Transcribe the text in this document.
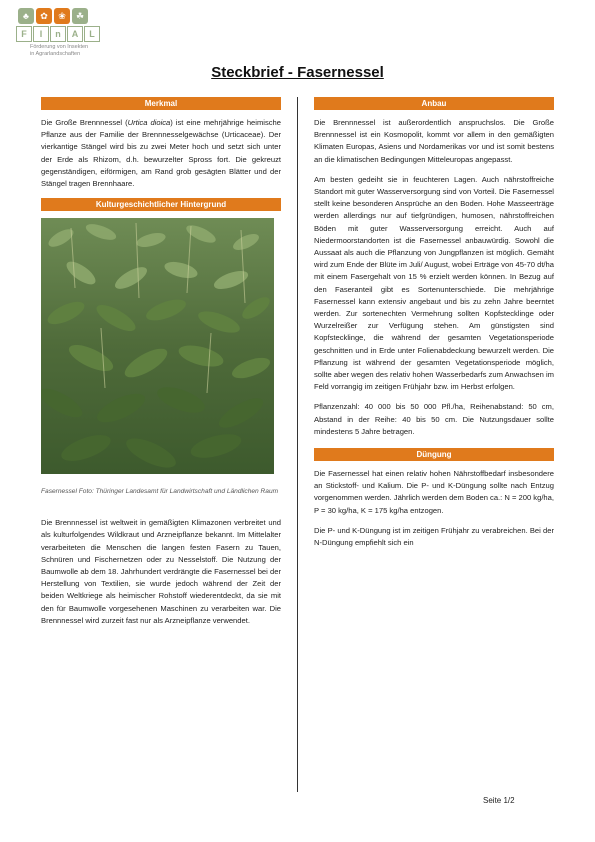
♣	✿	❀	☘
F	I	n	A	L
Förderung von Insekten
in Agrarlandschaften
Steckbrief - Fasernessel
Merkmal

Die Große Brennnessel (Urtica dioica) ist eine mehrjährige heimische Pflanze aus der Familie der Brennnesselgewächse (Urticaceae). Der vierkantige Stängel wird bis zu zwei Meter hoch und setzt sich unter der Erde als Rhizom, d.h. bewurzelter Spross fort. Die gekreuzt gegenständigen, eiförmigen, am Rand grob gesägten Blätter und der Stängel tragen Brennhaare.

Kulturgeschichtlicher Hintergrund
Fasernessel Foto: Thüringer Landesamt für Landwirtschaft und Ländlichen Raum

Die Brennnessel ist weltweit in gemäßigten Klimazonen verbreitet und als kulturfolgendes Wildkraut und Arzneipflanze bekannt. Im Mittelalter verarbeiteten die Menschen die langen festen Fasern zu Tauen, Schnüren und Fischernetzen oder zu Nesselstoff. Die Nutzung der Baumwolle ab dem 18. Jahrhundert verdrängte die Fasernessel bei der Herstellung von Textilien, sie wurde jedoch während der Zeit der beiden Weltkriege als heimischer Rohstoff wiederentdeckt, da sie mit den für Baumwolle vorgesehenen Maschinen zu verarbeiten war. Die Brennnessel wird zurzeit fast nur als Arzneipflanze verwendet.

Anbau

Die Brennnessel ist außerordentlich anspruchslos. Die Große Brennnessel ist ein Kosmopolit, kommt vor allem in den gemäßigten Klimaten Europas, Asiens und Nordamerikas vor und ist somit bestens an die klimatischen Bedingungen Mitteleuropas angepasst.

Am besten gedeiht sie in feuchteren Lagen. Auch nährstoffreiche Standort mit guter Wasserversorgung sind von Vorteil. Die Fasernessel stellt keine besonderen Ansprüche an den Boden. Hohe Masseerträge werden allerdings nur auf tiefgründigen, humosen, nährstoffreichen Böden mit guter Wasserversorgung erreicht. Auch auf Niedermoorstandorten ist die Fasernessel anbauwürdig. Sowohl die Aussaat als auch die Pflanzung von Jungpflanzen ist möglich. Gemäht wird zum Ende der Blüte im Juli/ August, wobei Erträge von 45-70 dt/ha mit einem Fasergehalt von 15 % erzielt werden können. In Bezug auf den Faseranteil gibt es Sortenunterschiede. Die mehrjährige Fasernessel kann extensiv angebaut und bis zu zehn Jahre beerntet werden. Zur sortenechten Vermehrung sollten Kopfstecklinge oder Wurzelreißer zur Verfügung stehen. Am günstigsten sind Kopfstecklinge, die während der gesamten Vegetationsperiode geschnitten und in Erde unter Folienabdeckung bewurzelt werden. Die Pflanzung ist während der gesamten Vegetationsperiode möglich, sollte aber wegen des relativ hohen Wasserbedarfs zum Anwachsen im Feld vorrangig im zeitigen Frühjahr bzw. im Herbst erfolgen.

Pflanzenzahl: 40 000 bis 50 000 Pfl./ha, Reihenabstand: 50 cm, Abstand in der Reihe: 40 bis 50 cm. Die Nutzungsdauer sollte mindestens 5 Jahre betragen.

Düngung

Die Fasernessel hat einen relativ hohen Nährstoffbedarf insbesondere an Stickstoff- und Kalium. Die P- und K-Düngung sollte nach Entzug vorgenommen werden. Jährlich werden dem Boden ca.: N = 200 kg/ha, P = 30 kg/ha, K = 175 kg/ha entzogen.

Die P- und K-Düngung ist im zeitigen Frühjahr zu verabreichen. Bei der N-Düngung empfiehlt sich ein

Seite 1/2
